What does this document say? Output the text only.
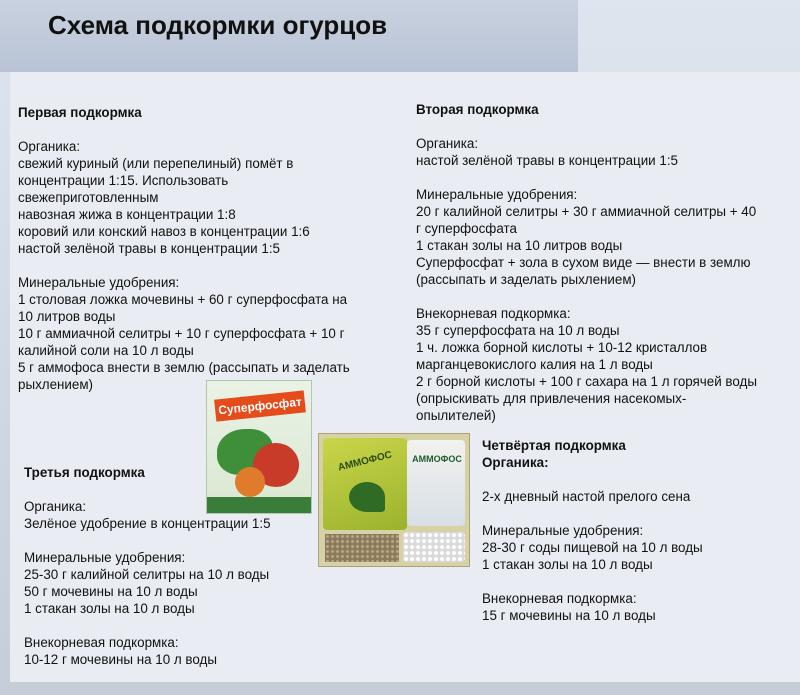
Схема подкормки огурцов
Первая подкормка

Органика:

свежий куриный (или перепелиный) помёт в

концентрации 1:15. Использовать

свежеприготовленным

навозная жижа в концентрации 1:8

коровий или конский навоз в концентрации 1:6

настой зелёной травы в концентрации 1:5

Минеральные удобрения:

1 столовая ложка мочевины + 60 г суперфосфата на

10 литров воды

10 г аммиачной селитры + 10 г суперфосфата + 10 г

калийной соли на 10 л воды

5 г аммофоса внести в землю (рассыпать и заделать

рыхлением)

Вторая подкормка

Органика:

настой зелёной травы в концентрации 1:5

Минеральные удобрения:

20 г калийной селитры + 30 г аммиачной селитры + 40

г суперфосфата

1 стакан золы на 10 литров воды

Суперфосфат + зола в сухом виде — внести в землю

(рассыпать и заделать рыхлением)

Внекорневая подкормка:

35 г суперфосфата на 10 л воды

1 ч. ложка борной кислоты + 10-12 кристаллов

марганцевокислого калия на 1 л воды

2 г борной кислоты + 100 г сахара на 1 л горячей воды

(опрыскивать для привлечения насекомых-

опылителей)

Третья подкормка

Органика:

Зелёное удобрение в концентрации 1:5

Минеральные удобрения:

25-30 г калийной селитры на 10 л воды

50 г мочевины на 10 л воды

1 стакан золы на 10 л воды

Внекорневая подкормка:

10-12 г мочевины на 10 л воды

Четвёртая подкормка

Органика:

2-х дневный настой прелого сена

Минеральные удобрения:

28-30 г соды пищевой на 10 л воды

1 стакан золы на 10 л воды

Внекорневая подкормка:

15 г мочевины на 10 л воды

Суперфосфат
АММОФОС	АММОФОС
